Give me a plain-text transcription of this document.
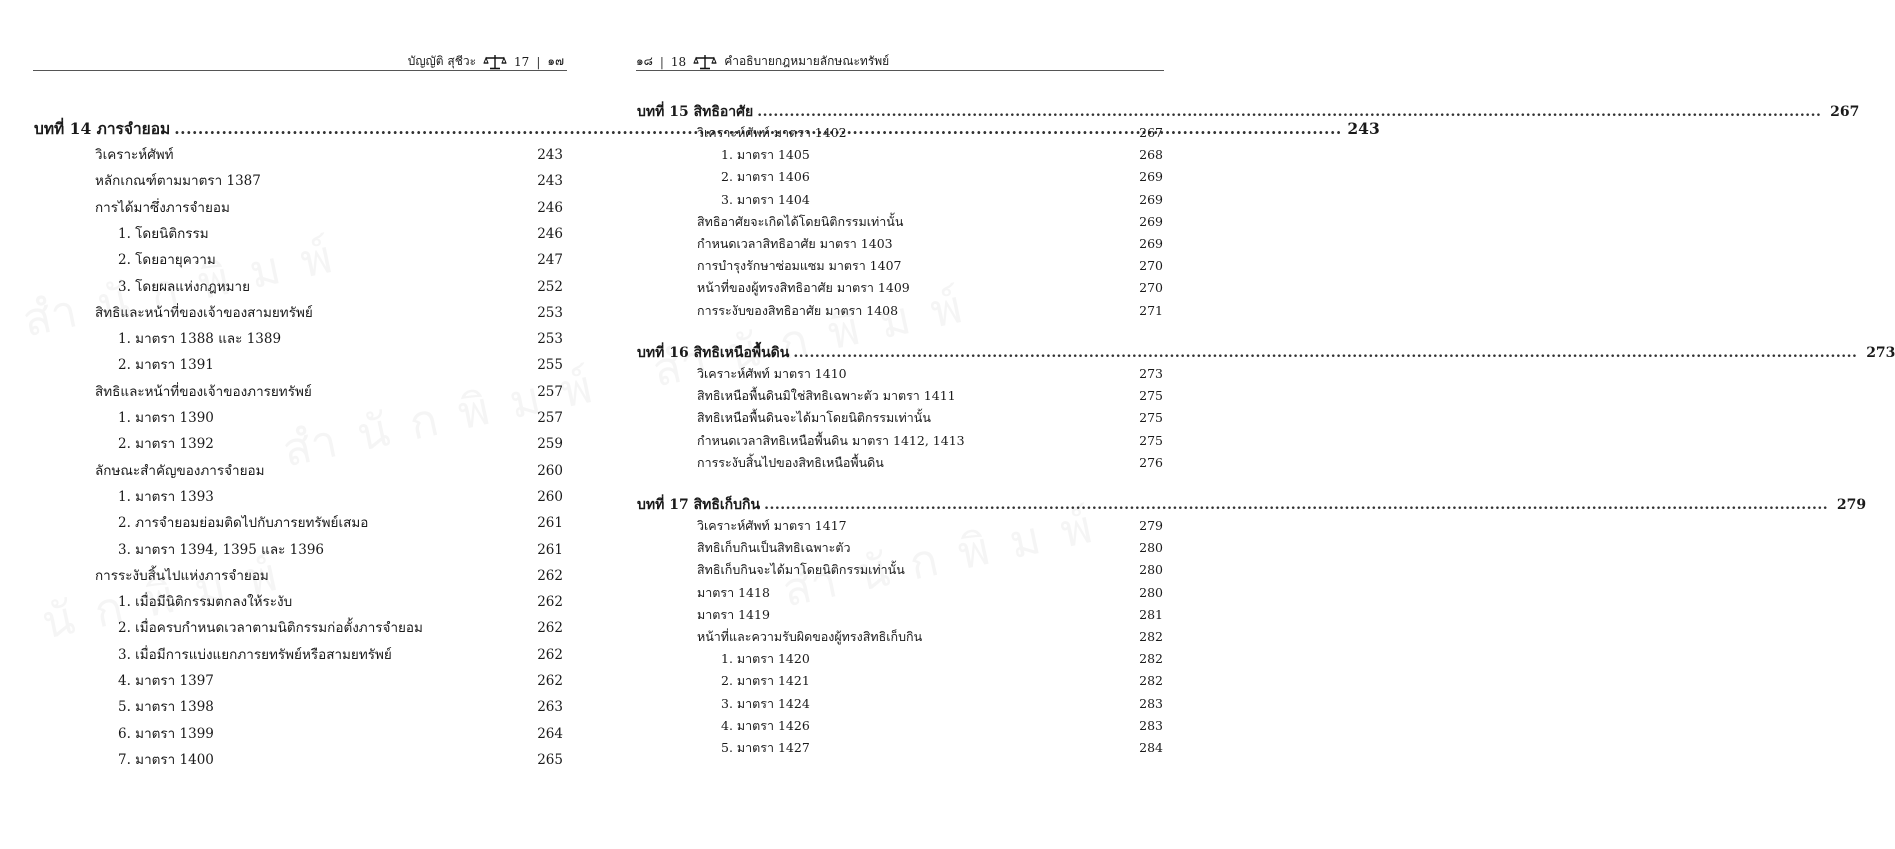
บัญญัติ สุชีวะ	17 | ๑๗
บทที่ 14 ภารจำยอม .....	243
วิเคราะห์ศัพท์	243
หลักเกณฑ์ตามมาตรา 1387	243
การได้มาซึ่งภารจำยอม	246
1. โดยนิติกรรม	246
2. โดยอายุความ	247
3. โดยผลแห่งกฎหมาย	252
สิทธิและหน้าที่ของเจ้าของสามยทรัพย์	253
1. มาตรา 1388 และ 1389	253
2. มาตรา 1391	255
สิทธิและหน้าที่ของเจ้าของภารยทรัพย์	257
1. มาตรา 1390	257
2. มาตรา 1392	259
ลักษณะสำคัญของภารจำยอม	260
1. มาตรา 1393	260
2. ภารจำยอมย่อมติดไปกับภารยทรัพย์เสมอ	261
3. มาตรา 1394, 1395 และ 1396	261
การระงับสิ้นไปแห่งภารจำยอม	262
1. เมื่อมีนิติกรรมตกลงให้ระงับ	262
2. เมื่อครบกำหนดเวลาตามนิติกรรมก่อตั้งภารจำยอม	262
3. เมื่อมีการแบ่งแยกภารยทรัพย์หรือสามยทรัพย์	262
4. มาตรา 1397	262
5. มาตรา 1398	263
6. มาตรา 1399	264
7. มาตรา 1400	265
๑๘ | 18	คำอธิบายกฎหมายลักษณะทรัพย์
บทที่ 15 สิทธิอาศัย .....	267
วิเคราะห์ศัพท์ มาตรา 1402	267
1. มาตรา 1405	268
2. มาตรา 1406	269
3. มาตรา 1404	269
สิทธิอาศัยจะเกิดได้โดยนิติกรรมเท่านั้น	269
กำหนดเวลาสิทธิอาศัย มาตรา 1403	269
การบำรุงรักษาซ่อมแซม มาตรา 1407	270
หน้าที่ของผู้ทรงสิทธิอาศัย มาตรา 1409	270
การระงับของสิทธิอาศัย มาตรา 1408	271
บทที่ 16 สิทธิเหนือพื้นดิน .....	273
วิเคราะห์ศัพท์ มาตรา 1410	273
สิทธิเหนือพื้นดินมิใช่สิทธิเฉพาะตัว มาตรา 1411	275
สิทธิเหนือพื้นดินจะได้มาโดยนิติกรรมเท่านั้น	275
กำหนดเวลาสิทธิเหนือพื้นดิน มาตรา 1412, 1413	275
การระงับสิ้นไปของสิทธิเหนือพื้นดิน	276
บทที่ 17 สิทธิเก็บกิน .....	279
วิเคราะห์ศัพท์ มาตรา 1417	279
สิทธิเก็บกินเป็นสิทธิเฉพาะตัว	280
สิทธิเก็บกินจะได้มาโดยนิติกรรมเท่านั้น	280
มาตรา 1418	280
มาตรา 1419	281
หน้าที่และความรับผิดของผู้ทรงสิทธิเก็บกิน	282
1. มาตรา 1420	282
2. มาตรา 1421	282
3. มาตรา 1424	283
4. มาตรา 1426	283
5. มาตรา 1427	284
